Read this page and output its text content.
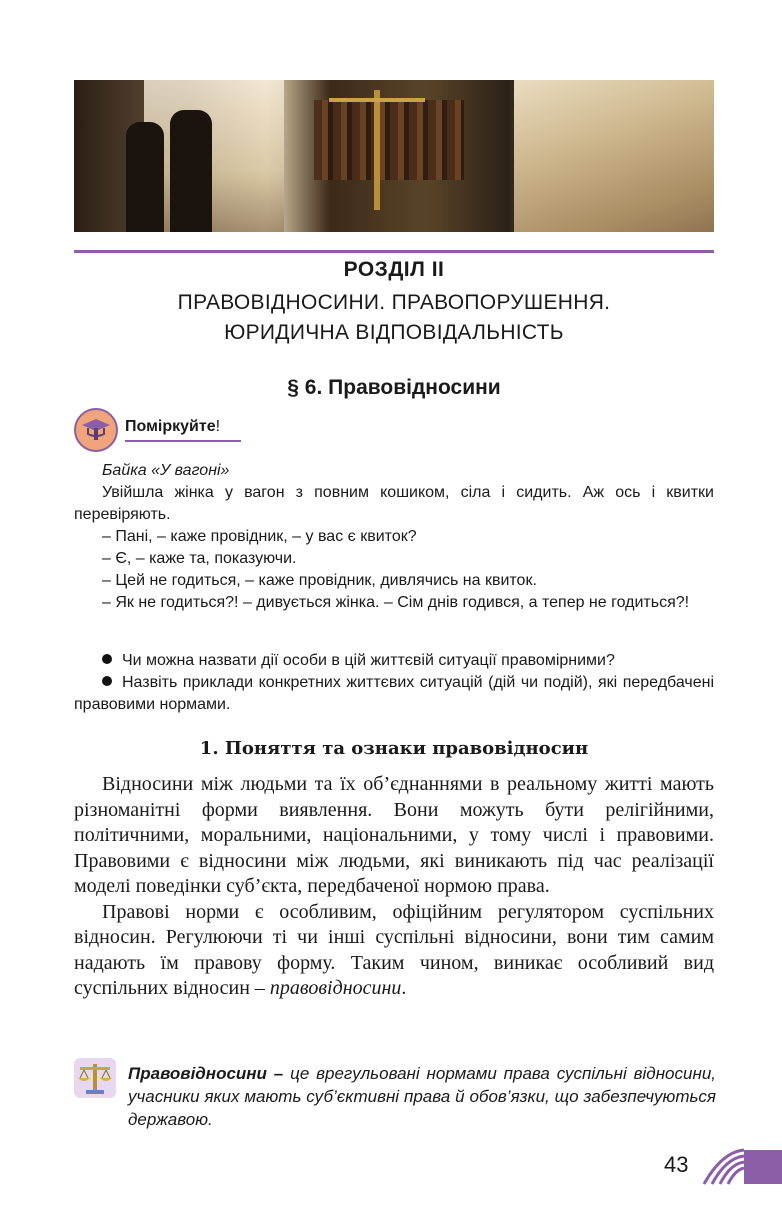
РОЗДІЛ II
ПРАВОВІДНОСИНИ. ПРАВОПОРУШЕННЯ.
ЮРИДИЧНА ВІДПОВІДАЛЬНІСТЬ
§ 6. Правовідносини
Поміркуйте!

Байка «У вагоні»

Увійшла жінка у вагон з повним кошиком, сіла і сидить. Аж ось і квитки перевіряють.

– Пані, – каже провідник, – у вас є квиток?

– Є, – каже та, показуючи.

– Цей не годиться, – каже провідник, дивлячись на квиток.

– Як не годиться?! – дивується жінка. – Сім днів годився, а тепер не годиться?!

Чи можна назвати дії особи в цій життєвій ситуації правомірними?

Назвіть приклади конкретних життєвих ситуацій (дій чи подій), які передбачені правовими нормами.

1. Поняття та ознаки правовідносин

Відносини між людьми та їх об’єднаннями в реальному житті мають різноманітні форми виявлення. Вони можуть бути релігійними, політичними, моральними, національними, у тому числі і правовими. Правовими є відносини між людьми, які виникають під час реалізації моделі поведінки суб’єкта, передбаченої нормою права.

Правові норми є особливим, офіційним регулятором суспільних відносин. Регулюючи ті чи інші суспільні відносини, вони тим самим надають їм правову форму. Таким чином, виникає особливий вид суспільних відносин – правовідносини.

Правовідносини – це врегульовані нормами права суспільні відносини, учасники яких мають суб’єктивні права й обов’язки, що забезпечуються державою.
43
